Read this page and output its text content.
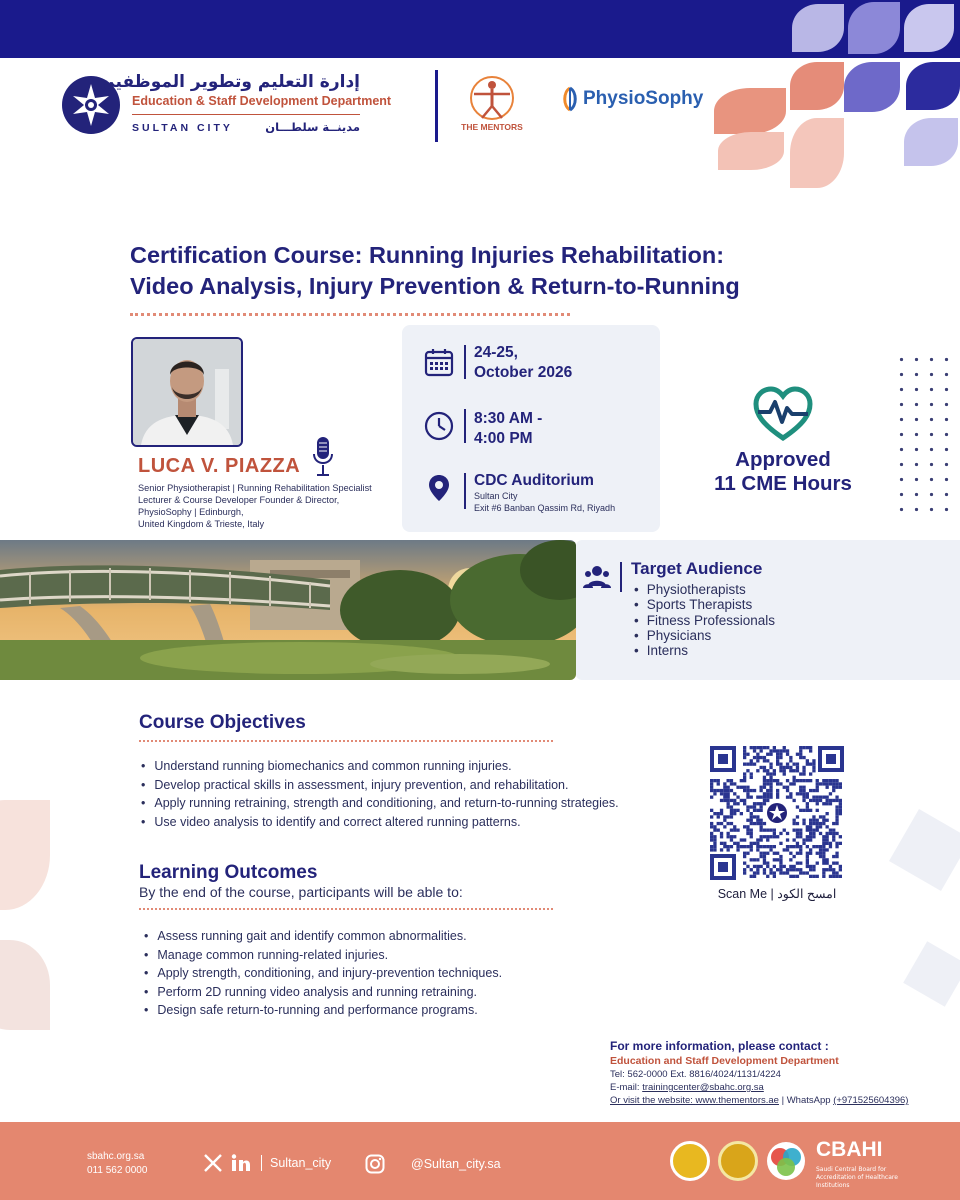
إدارة التعليم وتطوير الموظفين
Education & Staff Development Department
SULTAN CITY	مدينــة سلطـــان	THE MENTORS
PhysioSophy
Certification Course: Running Injuries Rehabilitation:
Video Analysis, Injury Prevention & Return-to-Running
LUCA V. PIAZZA
Senior Physiotherapist | Running Rehabilitation Specialist
Lecturer & Course Developer Founder & Director,
PhysioSophy | Edinburgh,
United Kingdom & Trieste, Italy
24-25,
October 2026
8:30 AM -
4:00 PM
CDC Auditorium
Sultan City
Exit #6 Banban Qassim Rd, Riyadh
Approved
11 CME Hours
Target Audience
• Physiotherapists
• Sports Therapists
• Fitness Professionals
• Physicians
• Interns
Course Objectives
• Understand running biomechanics and common running injuries.
• Develop practical skills in assessment, injury prevention, and rehabilitation.
• Apply running retraining, strength and conditioning, and return-to-running strategies.
• Use video analysis to identify and correct altered running patterns.
Learning Outcomes
By the end of the course, participants will be able to:
• Assess running gait and identify common abnormalities.
• Manage common running-related injuries.
• Apply strength, conditioning, and injury-prevention techniques.
• Perform 2D running video analysis and running retraining.
• Design safe return-to-running and performance programs.
Scan Me | امسح الكود
For more information, please contact :
Education and Staff Development Department
Tel: 562-0000 Ext. 8816/4024/1131/4224
E-mail: trainingcenter@sbahc.org.sa
Or visit the website: www.thementors.ae | WhatsApp (+971525604396)
sbahc.org.sa
011 562 0000
Sultan_city	@Sultan_city.sa
CBAHI
Saudi Central Board for Accreditation of Healthcare Institutions
